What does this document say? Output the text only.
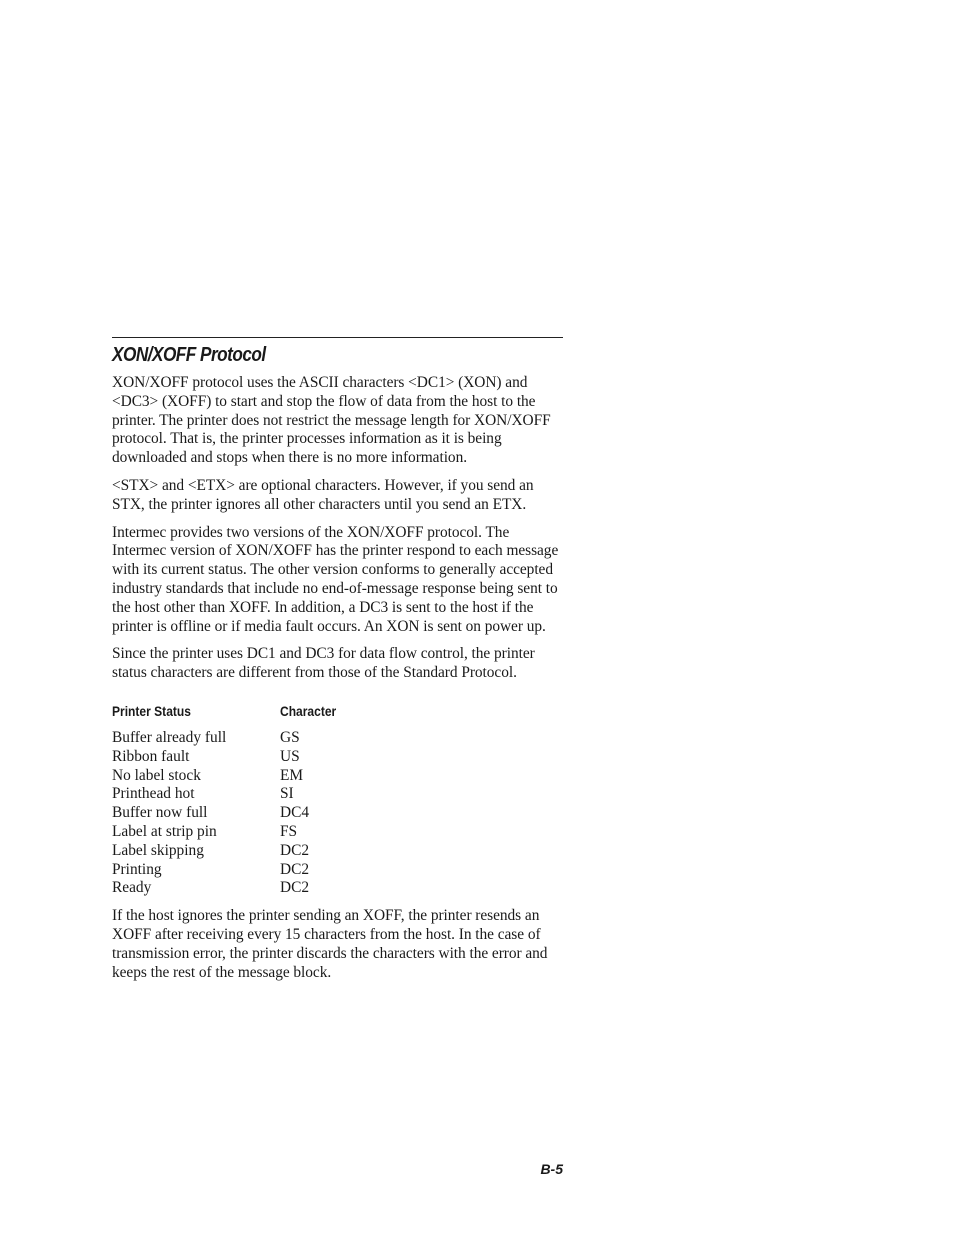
XON/XOFF Protocol

XON/XOFF protocol uses the ASCII characters <DC1> (XON) and <DC3> (XOFF) to start and stop the flow of data from the host to the printer. The printer does not restrict the message length for XON/XOFF protocol. That is, the printer processes information as it is being downloaded and stops when there is no more information.

<STX> and <ETX> are optional characters. However, if you send an STX, the printer ignores all other characters until you send an ETX.

Intermec provides two versions of the XON/XOFF protocol. The Intermec version of XON/XOFF has the printer respond to each message with its current status. The other version conforms to generally accepted industry standards that include no end-of-message response being sent to the host other than XOFF. In addition, a DC3 is sent to the host if the printer is offline or if media fault occurs. An XON is sent on power up.

Since the printer uses DC1 and DC3 for data flow control, the printer status characters are different from those of the Standard Protocol.

Printer Status	Character
Buffer already full	GS
Ribbon fault	US
No label stock	EM
Printhead hot	SI
Buffer now full	DC4
Label at strip pin	FS
Label skipping	DC2
Printing	DC2
Ready	DC2

If the host ignores the printer sending an XOFF, the printer resends an XOFF after receiving every 15 characters from the host. In the case of transmission error, the printer discards the characters with the error and keeps the rest of the message block.

B-5
